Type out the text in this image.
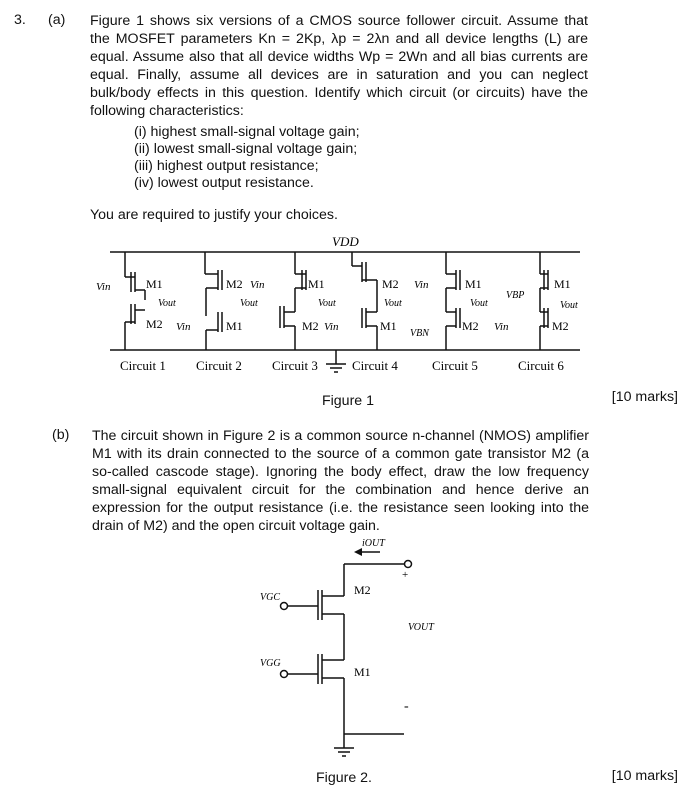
3. (a) Figure 1 shows six versions of a CMOS source follower circuit. Assume that the MOSFET parameters Kn = 2Kp, λp = 2λn and all device lengths (L) are equal. Assume also that all device widths Wp = 2Wn and all bias currents are equal. Finally, assume all devices are in saturation and you can neglect bulk/body effects in this question. Identify which circuit (or circuits) have the following characteristics:
(i) highest small-signal voltage gain;
(ii) lowest small-signal voltage gain;
(iii) highest output resistance;
(iv) lowest output resistance.
You are required to justify your choices.
VDD
Vin	M1
Vout
M2
M2
Vout
Vin	M1
Vin	M1
Vout
M2
M2
Vout
Vin	M1
Vin	M1
Vout
VBN
M2
VBP
M1
Vout
Vin	M2
Circuit 1 Circuit 2 Circuit 3	Circuit 4	Circuit 5	Circuit 6
Figure 1	[10 marks]
(b) The circuit shown in Figure 2 is a common source n-channel (NMOS) amplifier M1 with its drain connected to the source of a common gate transistor M2 (a so-called cascode stage). Ignoring the body effect, draw the low frequency small-signal equivalent circuit for the combination and hence derive an expression for the output resistance (i.e. the resistance seen looking into the drain of M2) and the open circuit voltage gain.
iOUT
+
VOUT
-
VGC
VGG
M2
M1
Figure 2.	[10 marks]
